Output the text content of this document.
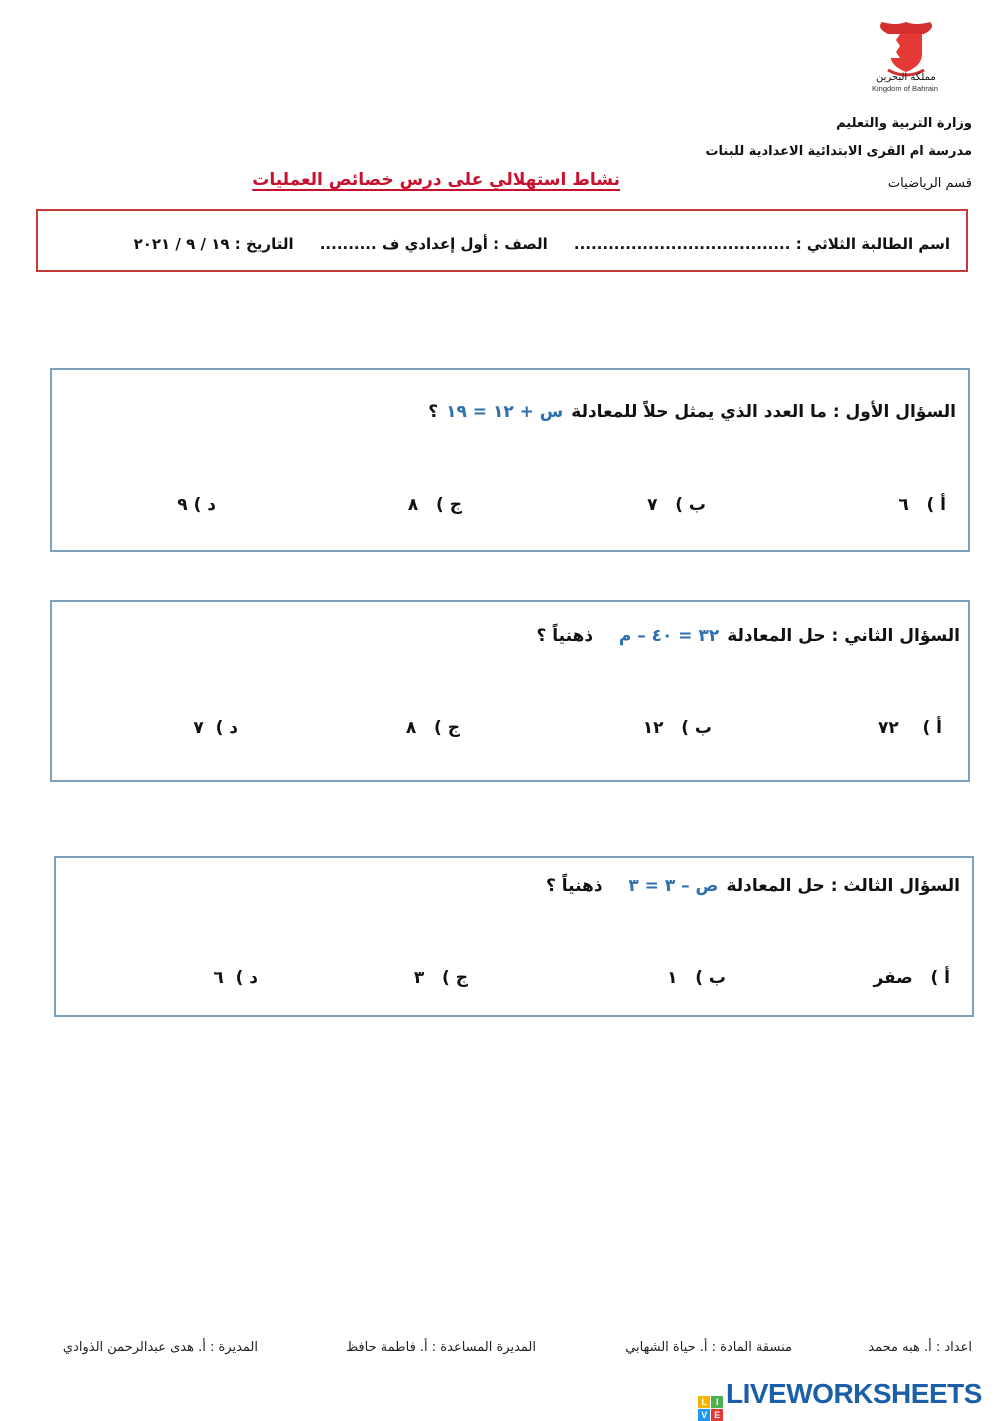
مملكة البحرين
Kingdom of Bahrain
وزارة التربية والتعليم
مدرسة ام القرى الابتدائية الاعدادية للبنات
قسم الرياضيات
نشاط استهلالي على درس خصائص العمليات
اسم الطالبة الثلاثي : ......................................     الصف : أول إعدادي ف ..........     التاريخ : ١٩ / ٩ / ٢٠٢١
السؤال الأول : ما العدد الذي يمثل حلاً للمعادلةس + ١٢ = ١٩؟
أ )   ٦
ب )   ٧
ج )   ٨
د ) ٩
السؤال الثاني : حل المعادلة٣٢ = ٤٠ – م   ذهنياً ؟
أ )    ٧٢
ب )   ١٢
ج )   ٨
د )  ٧
السؤال الثالث : حل المعادلةص – ٣ = ٣   ذهنياً ؟
أ )   صفر
ب )   ١
ج )   ٣
د )  ٦
اعداد : أ. هبه محمد
منسقة المادة : أ. حياة الشهابي
المديرة المساعدة : أ. فاطمة حافظ
المديرة : أ. هدى عبدالرحمن الذوادي
L	I
V E
LIVEWORKSHEETS
